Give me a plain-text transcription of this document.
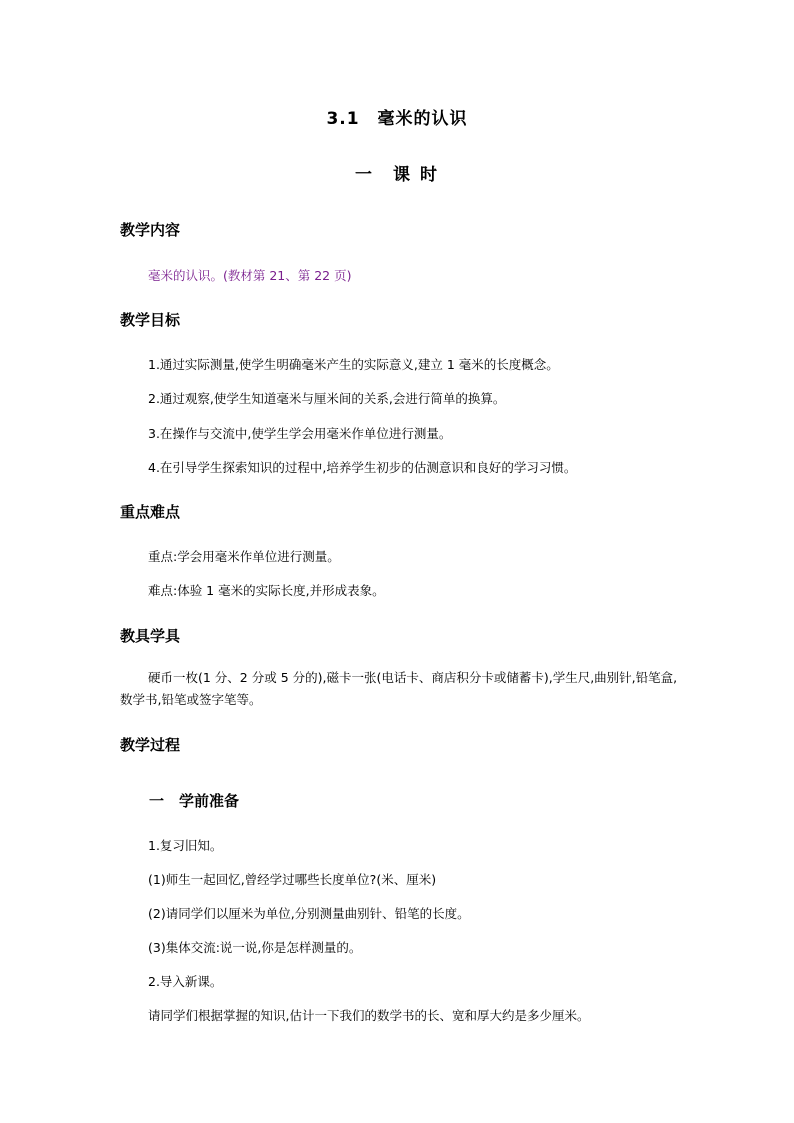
3.1　毫米的认识
一　课 时
教学内容
毫米的认识。(教材第 21、第 22 页)
教学目标
1.通过实际测量,使学生明确毫米产生的实际意义,建立 1 毫米的长度概念。
2.通过观察,使学生知道毫米与厘米间的关系,会进行简单的换算。
3.在操作与交流中,使学生学会用毫米作单位进行测量。
4.在引导学生探索知识的过程中,培养学生初步的估测意识和良好的学习习惯。
重点难点
重点:学会用毫米作单位进行测量。
难点:体验 1 毫米的实际长度,并形成表象。
教具学具
硬币一枚(1 分、2 分或 5 分的),磁卡一张(电话卡、商店积分卡或储蓄卡),学生尺,曲别针,铅笔盒,数学书,铅笔或签字笔等。
教学过程
一　学前准备
1.复习旧知。
(1)师生一起回忆,曾经学过哪些长度单位?(米、厘米)
(2)请同学们以厘米为单位,分别测量曲别针、铅笔的长度。
(3)集体交流:说一说,你是怎样测量的。
2.导入新课。
请同学们根据掌握的知识,估计一下我们的数学书的长、宽和厚大约是多少厘米。
